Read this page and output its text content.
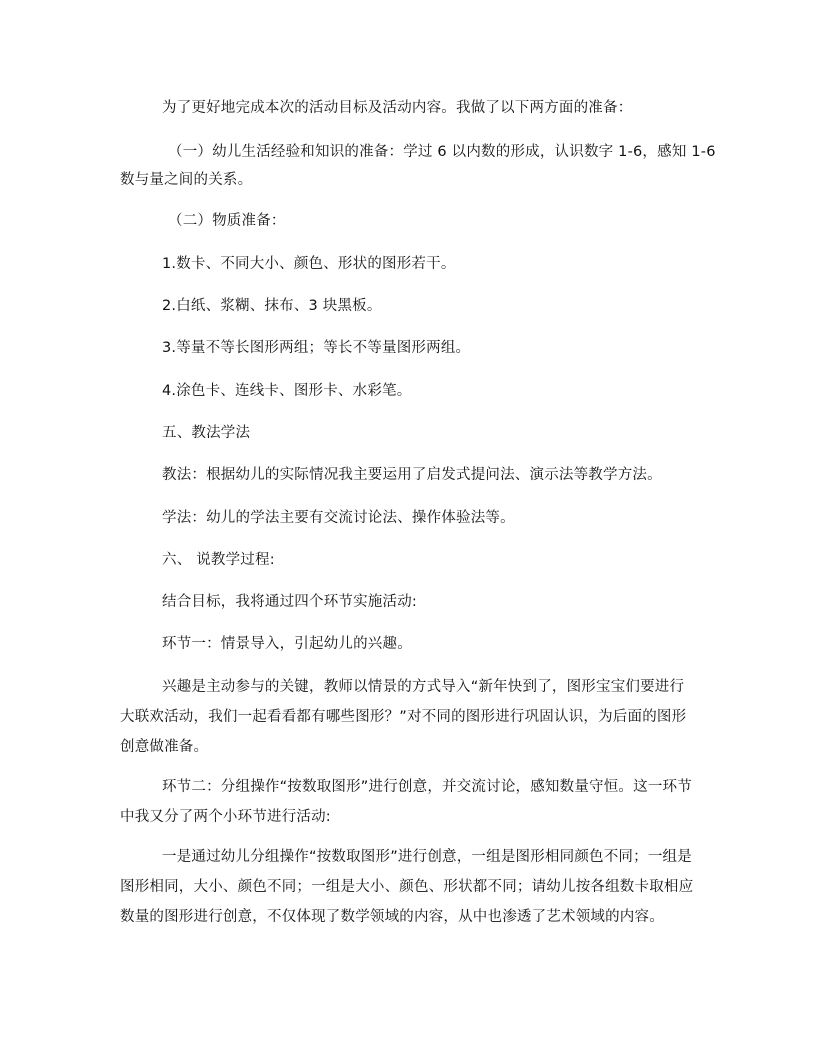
为了更好地完成本次的活动目标及活动内容。我做了以下两方面的准备：
（一）幼儿生活经验和知识的准备：学过 6 以内数的形成，认识数字 1-6，感知 1-6
数与量之间的关系。
（二）物质准备：
1.数卡、不同大小、颜色、形状的图形若干。
2.白纸、浆糊、抹布、3 块黑板。
3.等量不等长图形两组；等长不等量图形两组。
4.涂色卡、连线卡、图形卡、水彩笔。
五、教法学法
教法：根据幼儿的实际情况我主要运用了启发式提问法、演示法等教学方法。
学法：幼儿的学法主要有交流讨论法、操作体验法等。
六、 说教学过程:
结合目标，我将通过四个环节实施活动:
环节一：情景导入，引起幼儿的兴趣。
兴趣是主动参与的关键，教师以情景的方式导入“新年快到了，图形宝宝们要进行
大联欢活动，我们一起看看都有哪些图形？”对不同的图形进行巩固认识，为后面的图形
创意做准备。
环节二：分组操作“按数取图形”进行创意，并交流讨论，感知数量守恒。这一环节
中我又分了两个小环节进行活动:
一是通过幼儿分组操作“按数取图形”进行创意，一组是图形相同颜色不同；一组是
图形相同，大小、颜色不同；一组是大小、颜色、形状都不同；请幼儿按各组数卡取相应
数量的图形进行创意，不仅体现了数学领域的内容，从中也渗透了艺术领域的内容。
